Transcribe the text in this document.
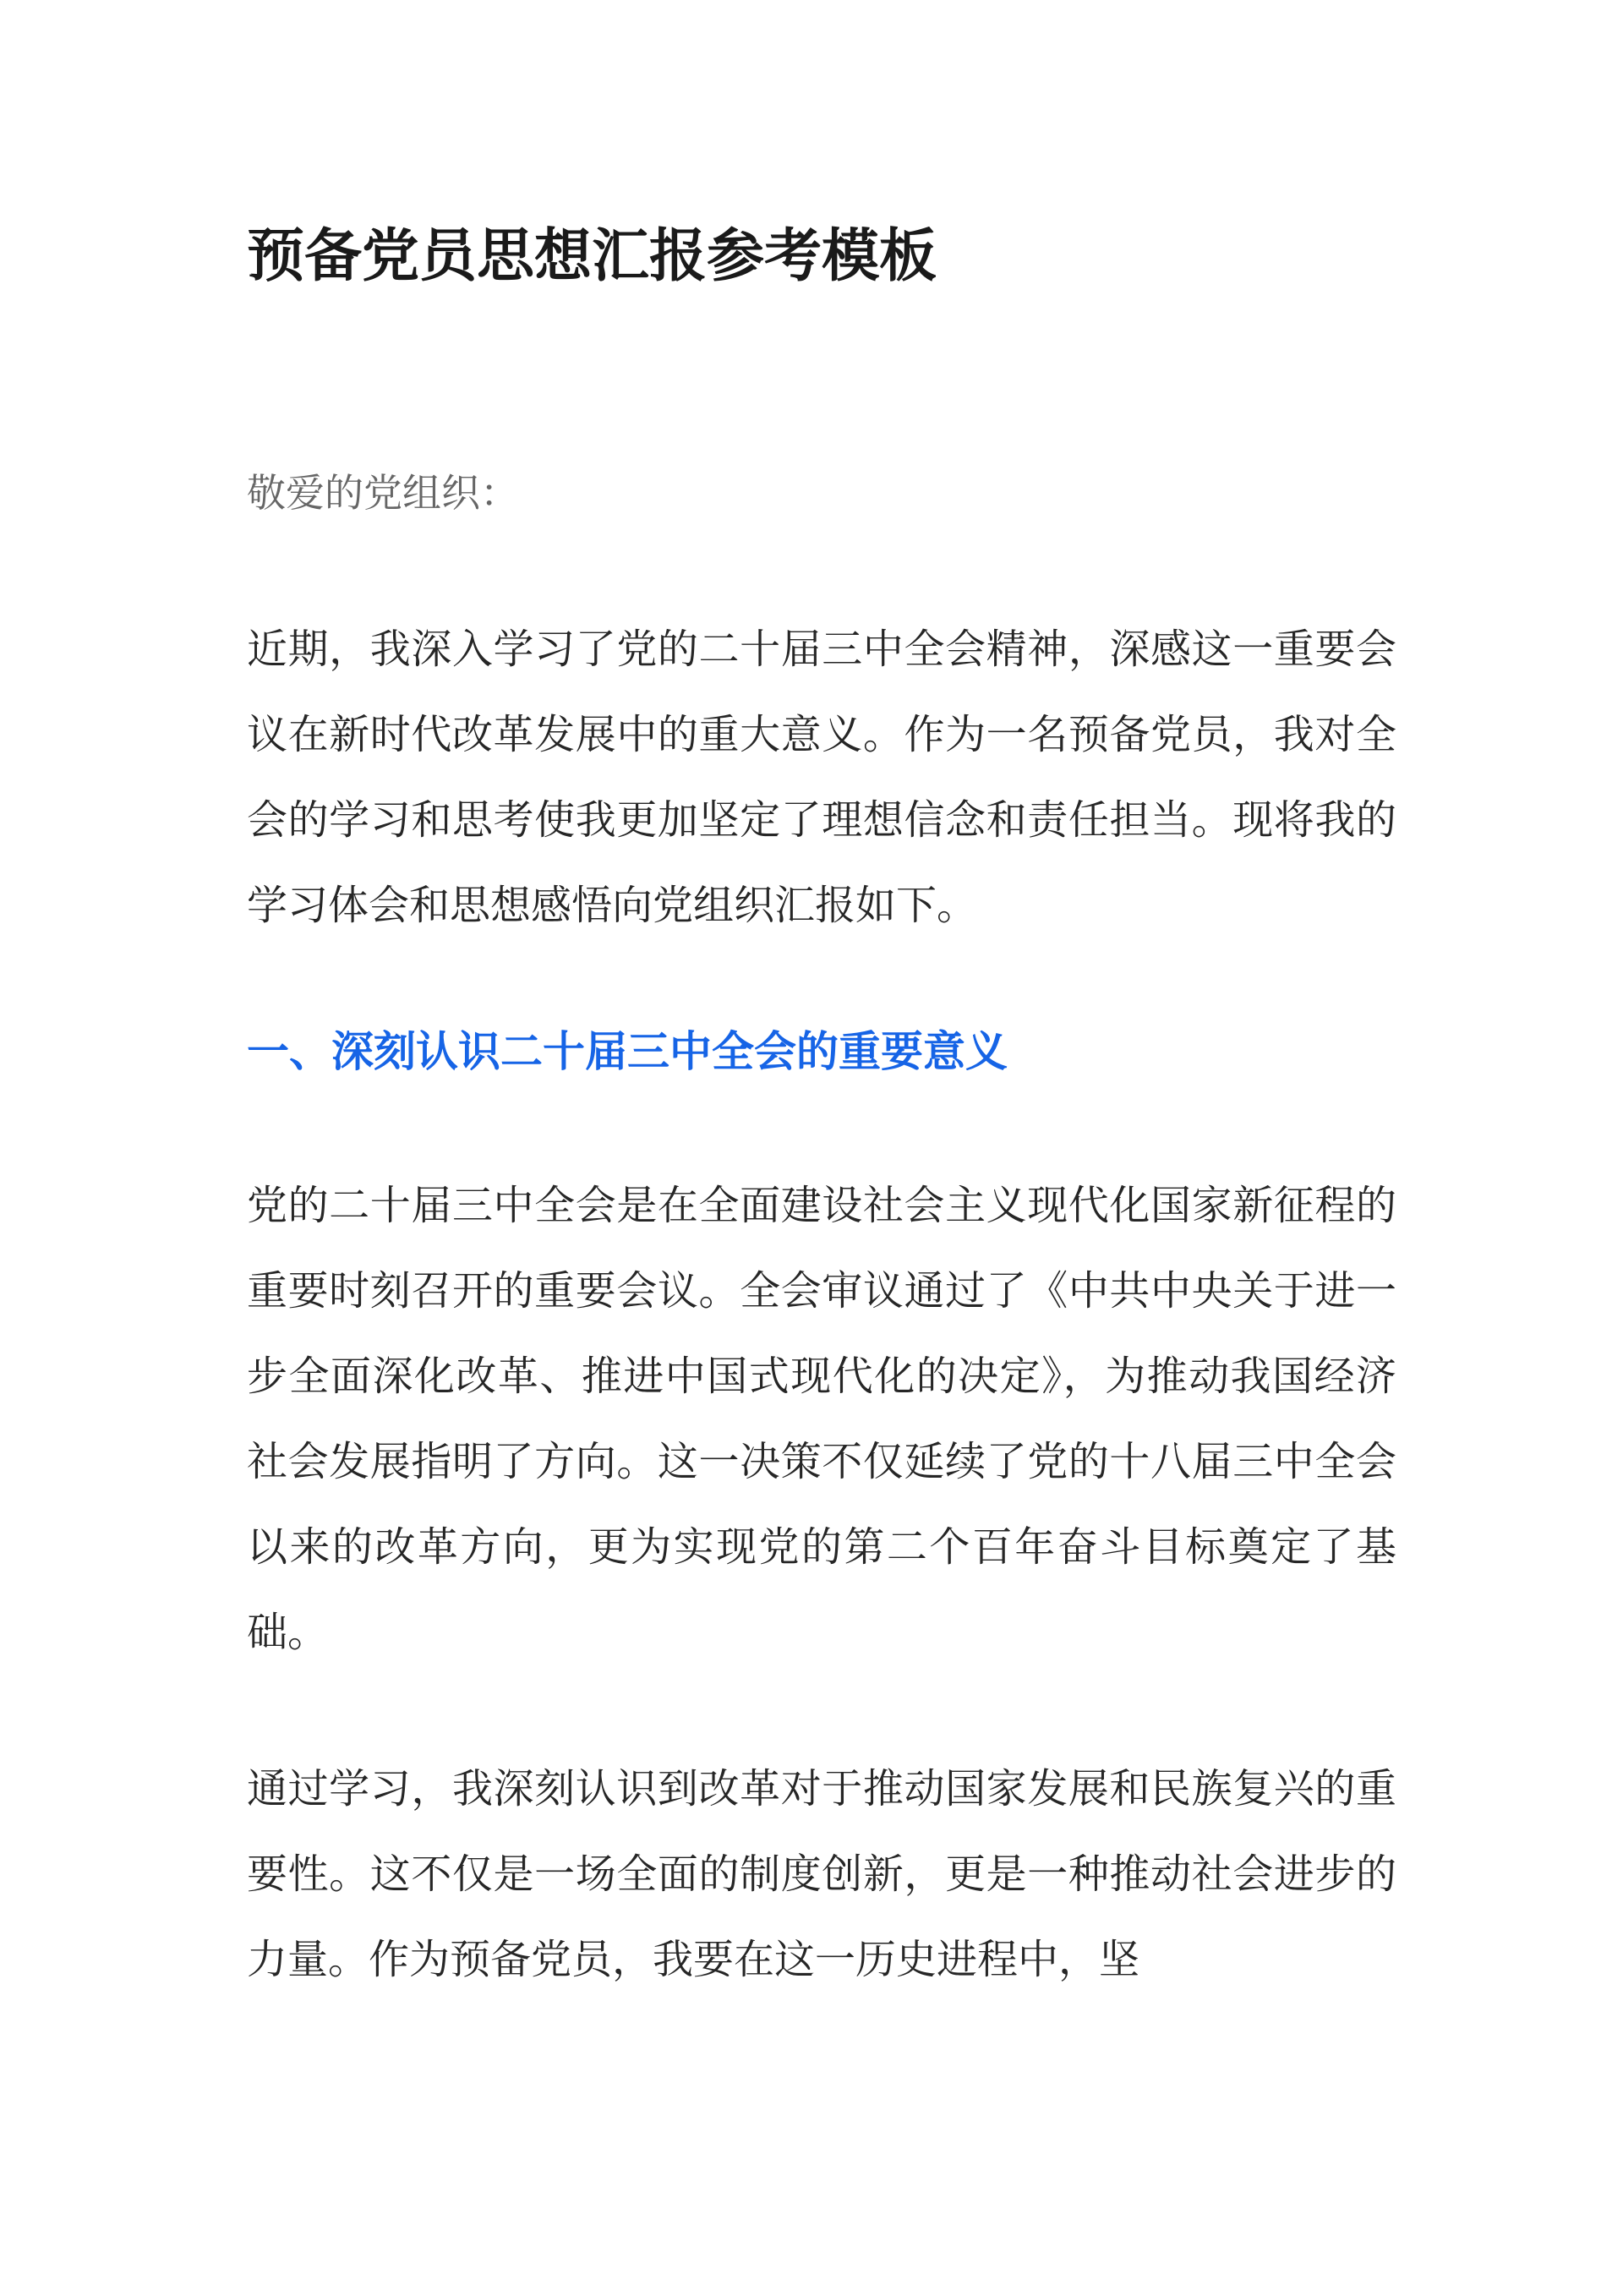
预备党员思想汇报参考模板

敬爱的党组织：

近期，我深入学习了党的二十届三中全会精神，深感这一重要会议在新时代改革发展中的重大意义。作为一名预备党员，我对全会的学习和思考使我更加坚定了理想信念和责任担当。现将我的学习体会和思想感悟向党组织汇报如下。

一、深刻认识二十届三中全会的重要意义

党的二十届三中全会是在全面建设社会主义现代化国家新征程的重要时刻召开的重要会议。全会审议通过了《中共中央关于进一步全面深化改革、推进中国式现代化的决定》，为推动我国经济社会发展指明了方向。这一决策不仅延续了党的十八届三中全会以来的改革方向，更为实现党的第二个百年奋斗目标奠定了基础。

通过学习，我深刻认识到改革对于推动国家发展和民族复兴的重要性。这不仅是一场全面的制度创新，更是一种推动社会进步的力量。作为预备党员，我要在这一历史进程中，坚
